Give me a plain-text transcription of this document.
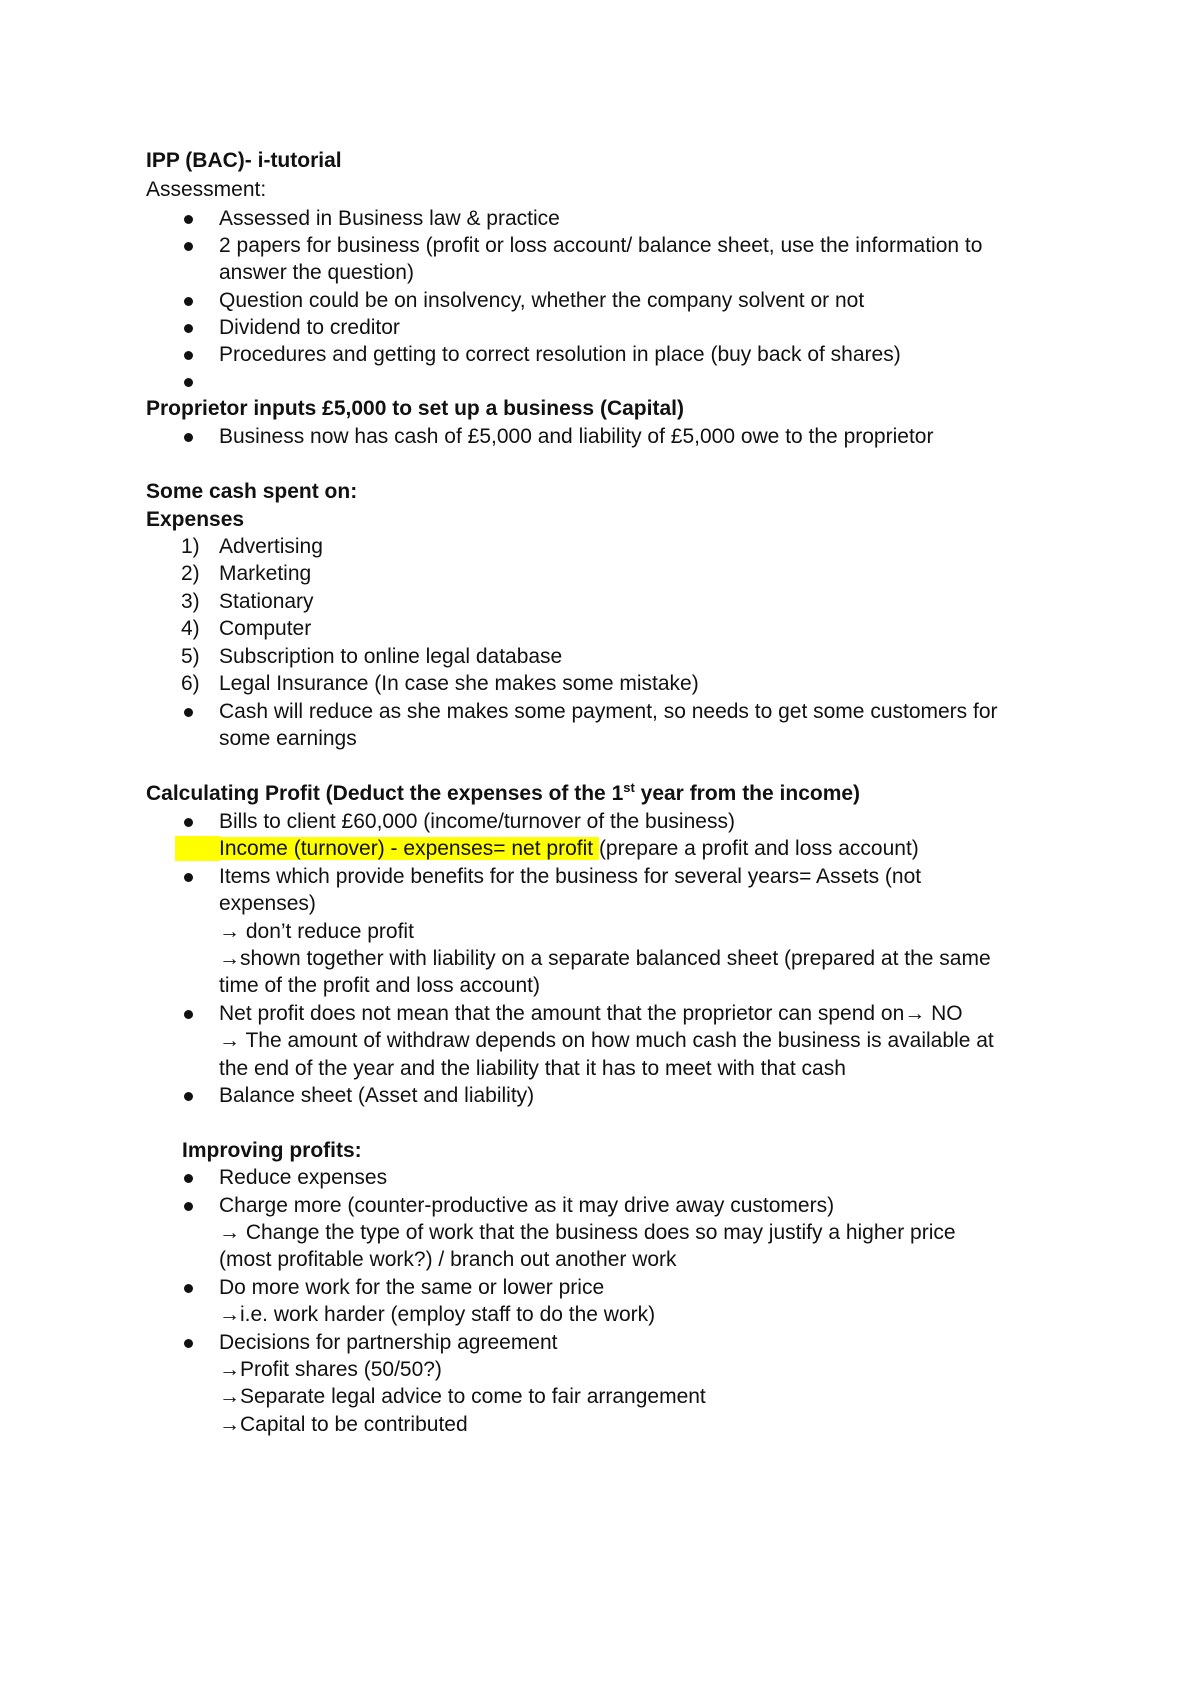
IPP (BAC)- i-tutorial
Assessment:
Assessed in Business law & practice
2 papers for business (profit or loss account/ balance sheet, use the information to
answer the question)
Question could be on insolvency, whether the company solvent or not
Dividend to creditor
Procedures and getting to correct resolution in place (buy back of shares)
Proprietor inputs £5,000 to set up a business (Capital)
Business now has cash of £5,000 and liability of £5,000 owe to the proprietor
Some cash spent on:
Expenses
1) Advertising
2) Marketing
3) Stationary
4) Computer
5) Subscription to online legal database
6) Legal Insurance (In case she makes some mistake)
Cash will reduce as she makes some payment, so needs to get some customers for
some earnings
Calculating Profit (Deduct the expenses of the 1st year from the income)
Bills to client £60,000 (income/turnover of the business)
Income (turnover) - expenses= net profit (prepare a profit and loss account)
Items which provide benefits for the business for several years= Assets (not
expenses)
→ don’t reduce profit
→shown together with liability on a separate balanced sheet (prepared at the same
time of the profit and loss account)
Net profit does not mean that the amount that the proprietor can spend on→ NO
→ The amount of withdraw depends on how much cash the business is available at
the end of the year and the liability that it has to meet with that cash
Balance sheet (Asset and liability)
Improving profits:
Reduce expenses
Charge more (counter-productive as it may drive away customers)
→ Change the type of work that the business does so may justify a higher price
(most profitable work?) / branch out another work
Do more work for the same or lower price
→i.e. work harder (employ staff to do the work)
Decisions for partnership agreement
→Profit shares (50/50?)
→Separate legal advice to come to fair arrangement
→Capital to be contributed
